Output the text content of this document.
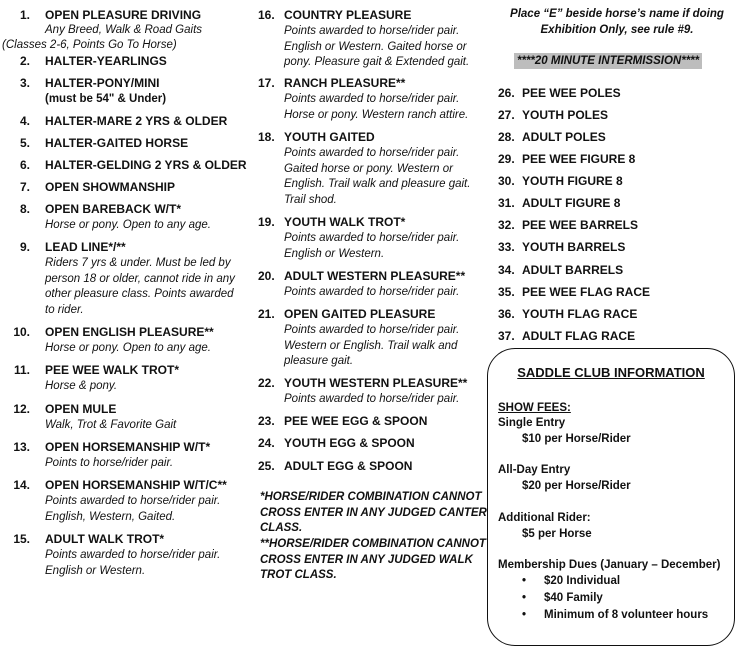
1. OPEN PLEASURE DRIVING
Any Breed, Walk & Road Gaits
(Classes 2-6, Points Go To Horse)
2. HALTER-YEARLINGS
3. HALTER-PONY/MINI
(must be 54" & Under)
4. HALTER-MARE 2 YRS & OLDER
5. HALTER-GAITED HORSE
6. HALTER-GELDING 2 YRS & OLDER
7. OPEN SHOWMANSHIP
8. OPEN BAREBACK W/T*
Horse or pony. Open to any age.
9. LEAD LINE*/**
Riders 7 yrs & under. Must be led by person 18 or older, cannot ride in any other pleasure class. Points awarded to rider.
10. OPEN ENGLISH PLEASURE**
Horse or pony. Open to any age.
11. PEE WEE WALK TROT*
Horse & pony.
12. OPEN MULE
Walk, Trot & Favorite Gait
13. OPEN HORSEMANSHIP W/T*
Points to horse/rider pair.
14. OPEN HORSEMANSHIP W/T/C**
Points awarded to horse/rider pair. English, Western, Gaited.
15. ADULT WALK TROT*
Points awarded to horse/rider pair. English or Western.
16. COUNTRY PLEASURE
Points awarded to horse/rider pair. English or Western. Gaited horse or pony. Pleasure gait & Extended gait.
17. RANCH PLEASURE**
Points awarded to horse/rider pair. Horse or pony. Western ranch attire.
18. YOUTH GAITED
Points awarded to horse/rider pair. Gaited horse or pony. Western or English. Trail walk and pleasure gait. Trail shod.
19. YOUTH WALK TROT*
Points awarded to horse/rider pair. English or Western.
20. ADULT WESTERN PLEASURE**
Points awarded to horse/rider pair.
21. OPEN GAITED PLEASURE
Points awarded to horse/rider pair. Western or English. Trail walk and pleasure gait.
22. YOUTH WESTERN PLEASURE**
Points awarded to horse/rider pair.
23. PEE WEE EGG & SPOON
24. YOUTH EGG & SPOON
25. ADULT EGG & SPOON
*HORSE/RIDER COMBINATION CANNOT CROSS ENTER IN ANY JUDGED CANTER CLASS.
**HORSE/RIDER COMBINATION CANNOT CROSS ENTER IN ANY JUDGED WALK TROT CLASS.
Place “E” beside horse’s name if doing Exhibition Only, see rule #9.
****20 MINUTE INTERMISSION****
26. PEE WEE POLES
27. YOUTH POLES
28. ADULT POLES
29. PEE WEE FIGURE 8
30. YOUTH FIGURE 8
31. ADULT FIGURE 8
32. PEE WEE BARRELS
33. YOUTH BARRELS
34. ADULT BARRELS
35. PEE WEE FLAG RACE
36. YOUTH FLAG RACE
37. ADULT FLAG RACE
SADDLE CLUB INFORMATION
SHOW FEES:
Single Entry
$10 per Horse/Rider
All-Day Entry
$20 per Horse/Rider
Additional Rider:
$5 per Horse
Membership Dues (January – December)
• $20 Individual
• $40 Family
• Minimum of 8 volunteer hours
